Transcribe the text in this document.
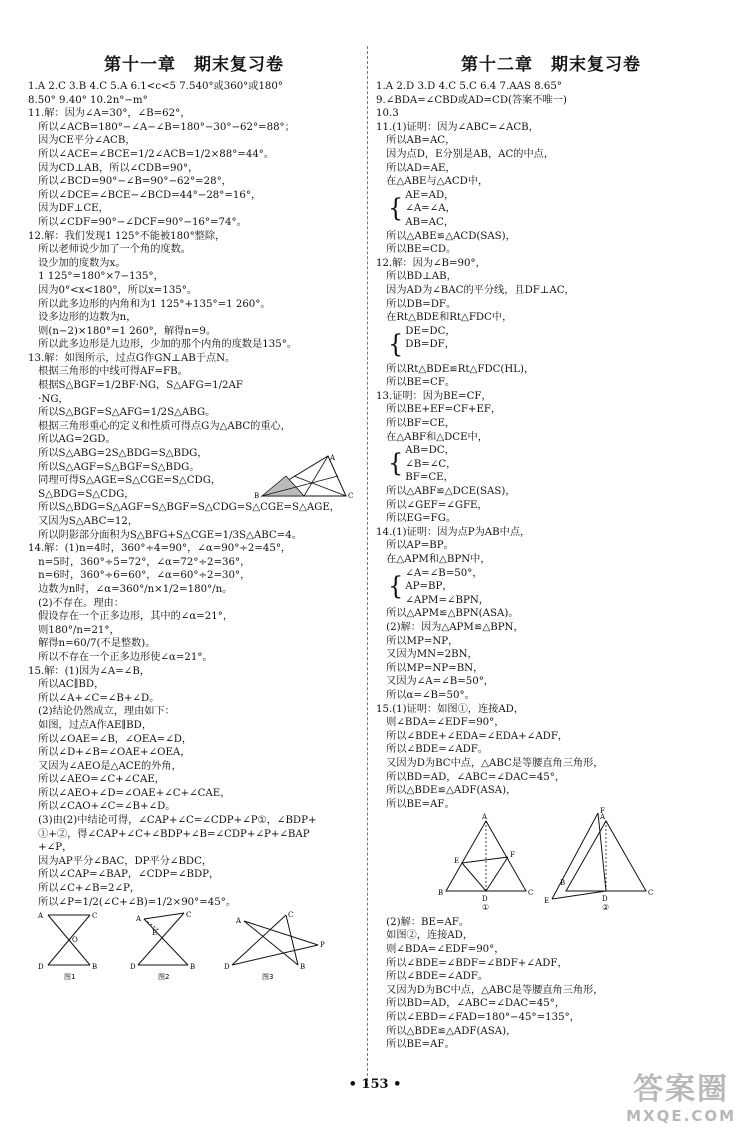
第十一章　期末复习卷
1.A 2.C 3.B 4.C 5.A 6.1<c<5 7.540°或360°或180°
8.50° 9.40° 10.2n°−m°
11.解：因为∠A=30°，∠B=62°，
　所以∠ACB=180°−∠A−∠B=180°−30°−62°=88°；
　因为CE平分∠ACB，
　所以∠ACE=∠BCE=1/2∠ACB=1/2×88°=44°。
　因为CD⊥AB，所以∠CDB=90°，
　所以∠BCD=90°−∠B=90°−62°=28°，
　所以∠DCE=∠BCE−∠BCD=44°−28°=16°，
　因为DF⊥CE，
　所以∠CDF=90°−∠DCF=90°−16°=74°。
12.解：我们发现1 125°不能被180°整除，
　所以老师说少加了一个角的度数。
　设少加的度数为x。
　1 125°=180°×7−135°，
　因为0°<x<180°，所以x=135°。
　所以此多边形的内角和为1 125°+135°=1 260°。
　设多边形的边数为n，
　则(n−2)×180°=1 260°，解得n=9。
　所以此多边形是九边形，少加的那个内角的度数是135°。
13.解：如图所示，过点G作GN⊥AB于点N。
　根据三角形的中线可得AF=FB。
　根据S△BGF=1/2BF·NG，S△AFG=1/2AF
　·NG，
　所以S△BGF=S△AFG=1/2S△ABG。
　根据三角形重心的定义和性质可得点G为△ABC的重心，
　所以AG=2GD。
　所以S△ABG=2S△BDG=S△BDG，
　所以S△AGF=S△BGF=S△BDG。
　同理可得S△AGE=S△CGE=S△CDG，
　S△BDG=S△CDG，
　所以S△BDG=S△AGF=S△BGF=S△CDG=S△CGE=S△AGE，
　又因为S△ABC=12，
　所以阴影部分面积为S△BFG+S△CGE=1/3S△ABC=4。
B	C
A
14.解：(1)n=4时，360°÷4=90°，∠α=90°÷2=45°，
　n=5时，360°÷5=72°，∠α=72°÷2=36°，
　n=6时，360°÷6=60°，∠α=60°÷2=30°，
　边数为n时，∠α=360°/n×1/2=180°/n。
　(2)不存在。理由：
　假设存在一个正多边形，其中的∠α=21°，
　则180°/n=21°，
　解得n=60/7(不是整数)。
　所以不存在一个正多边形使∠α=21°。
15.解：(1)因为∠A=∠B，
　所以AC∥BD，
　所以∠A+∠C=∠B+∠D。
　(2)结论仍然成立，理由如下：
　如图，过点A作AE∥BD，
　所以∠OAE=∠B，∠OEA=∠D，
　所以∠D+∠B=∠OAE+∠OEA，
　又因为∠AEO是△ACE的外角，
　所以∠AEO=∠C+∠CAE，
　所以∠AEO+∠D=∠OAE+∠C+∠CAE，
　所以∠CAO+∠C=∠B+∠D。
　(3)由(2)中结论可得，∠CAP+∠C=∠CDP+∠P①，∠BDP+
　①+②，得∠CAP+∠C+∠BDP+∠B=∠CDP+∠P+∠BAP
　+∠P，
　因为AP平分∠BAC，DP平分∠BDC，
　所以∠CAP=∠BAP，∠CDP=∠BDP，
　所以∠C+∠B=2∠P，
　所以∠P=1/2(∠C+∠B)=1/2×90°=45°。
A	C
D	B
O
图1
A	C
D	B
E
图2
A
C
D	B
P
图3
第十二章　期末复习卷
1.A 2.D 3.D 4.C 5.C 6.4 7.AAS 8.65°
9.∠BDA=∠CBD或AD=CD(答案不唯一)
10.3
11.(1)证明：因为∠ABC=∠ACB，
　所以AB=AC，
　因为点D，E分别是AB，AC的中点，
　所以AD=AE，
　在△ABE与△ACD中，
{ AE=AD，
∠A=∠A，
AB=AC，
　所以△ABE≌△ACD(SAS)，
　所以BE=CD。
12.解：因为∠B=90°，
　所以BD⊥AB，
　因为AD为∠BAC的平分线，且DF⊥AC，
　所以DB=DF。
　在Rt△BDE和Rt△FDC中，
{ DE=DC，
DB=DF，
　所以Rt△BDE≌Rt△FDC(HL)，
　所以BE=CF。
13.证明：因为BE=CF，
　所以BE+EF=CF+EF，
　所以BF=CE，
　在△ABF和△DCE中，
{ AB=DC，
∠B=∠C，
BF=CE，
　所以△ABF≌△DCE(SAS)，
　所以∠GEF=∠GFE，
　所以EG=FG。
14.(1)证明：因为点P为AB中点，
　所以AP=BP。
　在△APM和△BPN中，
{ ∠A=∠B=50°，
AP=BP，
∠APM=∠BPN，
　所以△APM≌△BPN(ASA)。
　(2)解：因为△APM≌△BPN，
　所以MP=NP，
　又因为MN=2BN，
　所以MP=NP=BN，
　又因为∠A=∠B=50°，
　所以α=∠B=50°。
15.(1)证明：如图①，连接AD，
　则∠BDA=∠EDF=90°，
　所以∠BDE+∠EDA=∠EDA+∠ADF，
　所以∠BDE=∠ADF。
　又因为D为BC中点，△ABC是等腰直角三角形，
　所以BD=AD，∠ABC=∠DAC=45°，
　所以△BDE≌△ADF(ASA)，
　所以BE=AF。
A
B	C
D
E
F
①
A
B
C
D
E
F
②
　(2)解：BE=AF。
　如图②，连接AD，
　则∠BDA=∠EDF=90°，
　所以∠BDE=∠BDF=∠BDF+∠ADF，
　所以∠BDE=∠ADF。
　又因为D为BC中点，△ABC是等腰直角三角形，
　所以BD=AD，∠ABC=∠DAC=45°，
　所以∠EBD=∠FAD=180°−45°=135°，
　所以△BDE≌△ADF(ASA)，
　所以BE=AF。
• 153 •	答案圈
MXQE.COM
